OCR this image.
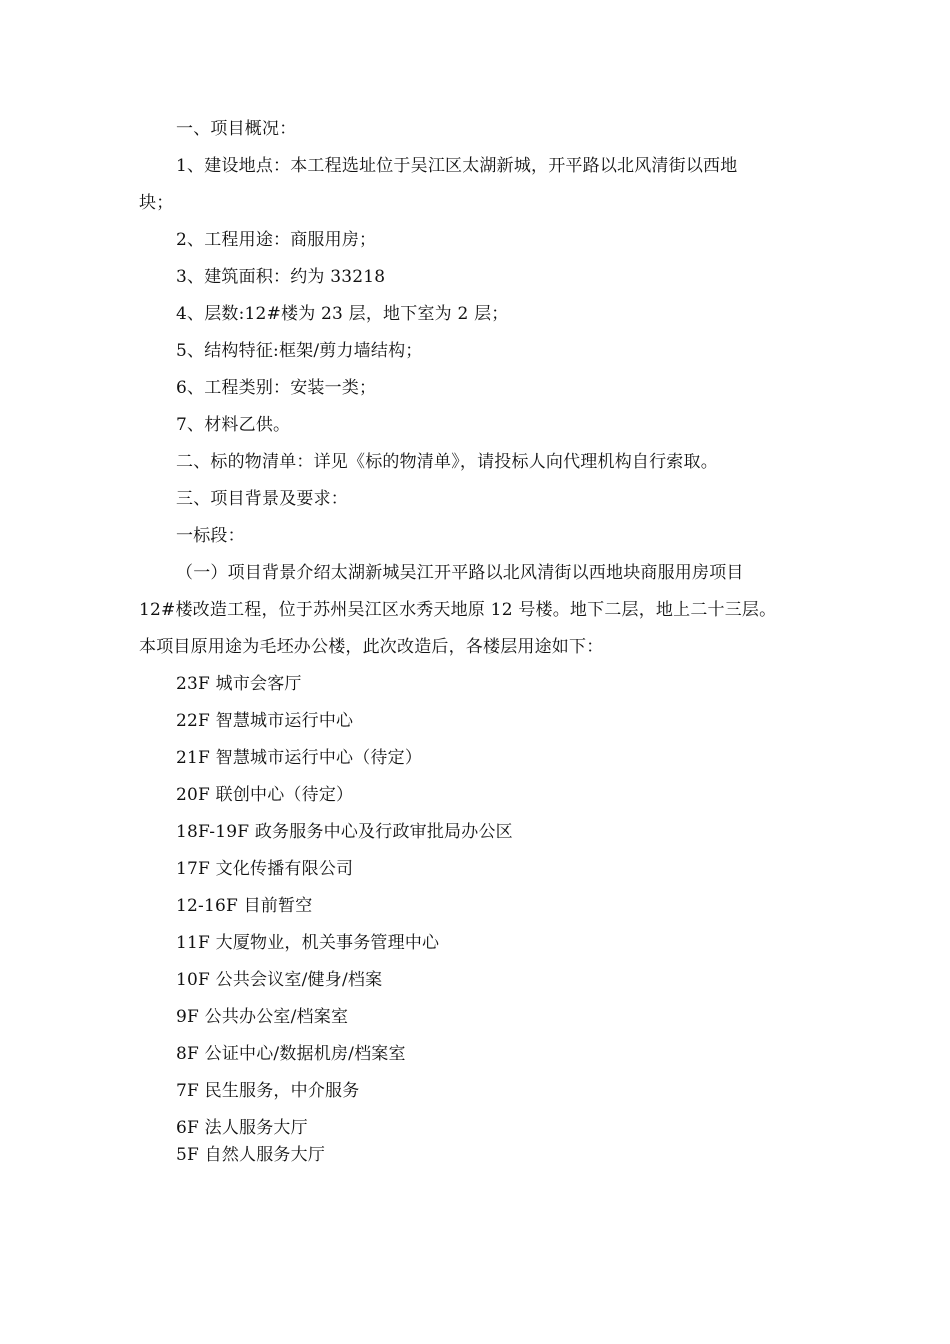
一、项目概况：
1、建设地点：本工程选址位于吴江区太湖新城，开平路以北风清街以西地
块；
2、工程用途：商服用房；
3、建筑面积：约为 33218
4、层数:12#楼为 23 层，地下室为 2 层；
5、结构特征:框架/剪力墙结构；
6、工程类别：安装一类；
7、材料乙供。
二、标的物清单：详见《标的物清单》，请投标人向代理机构自行索取。
三、项目背景及要求：
一标段：
（一）项目背景介绍太湖新城吴江开平路以北风清街以西地块商服用房项目
12#楼改造工程，位于苏州吴江区水秀天地原 12 号楼。地下二层，地上二十三层。
本项目原用途为毛坯办公楼，此次改造后，各楼层用途如下：
23F 城市会客厅
22F 智慧城市运行中心
21F 智慧城市运行中心（待定）
20F 联创中心（待定）
18F-19F 政务服务中心及行政审批局办公区
17F 文化传播有限公司
12-16F 目前暂空
11F 大厦物业，机关事务管理中心
10F 公共会议室/健身/档案
9F 公共办公室/档案室
8F 公证中心/数据机房/档案室
7F 民生服务，中介服务
6F 法人服务大厅
5F 自然人服务大厅
